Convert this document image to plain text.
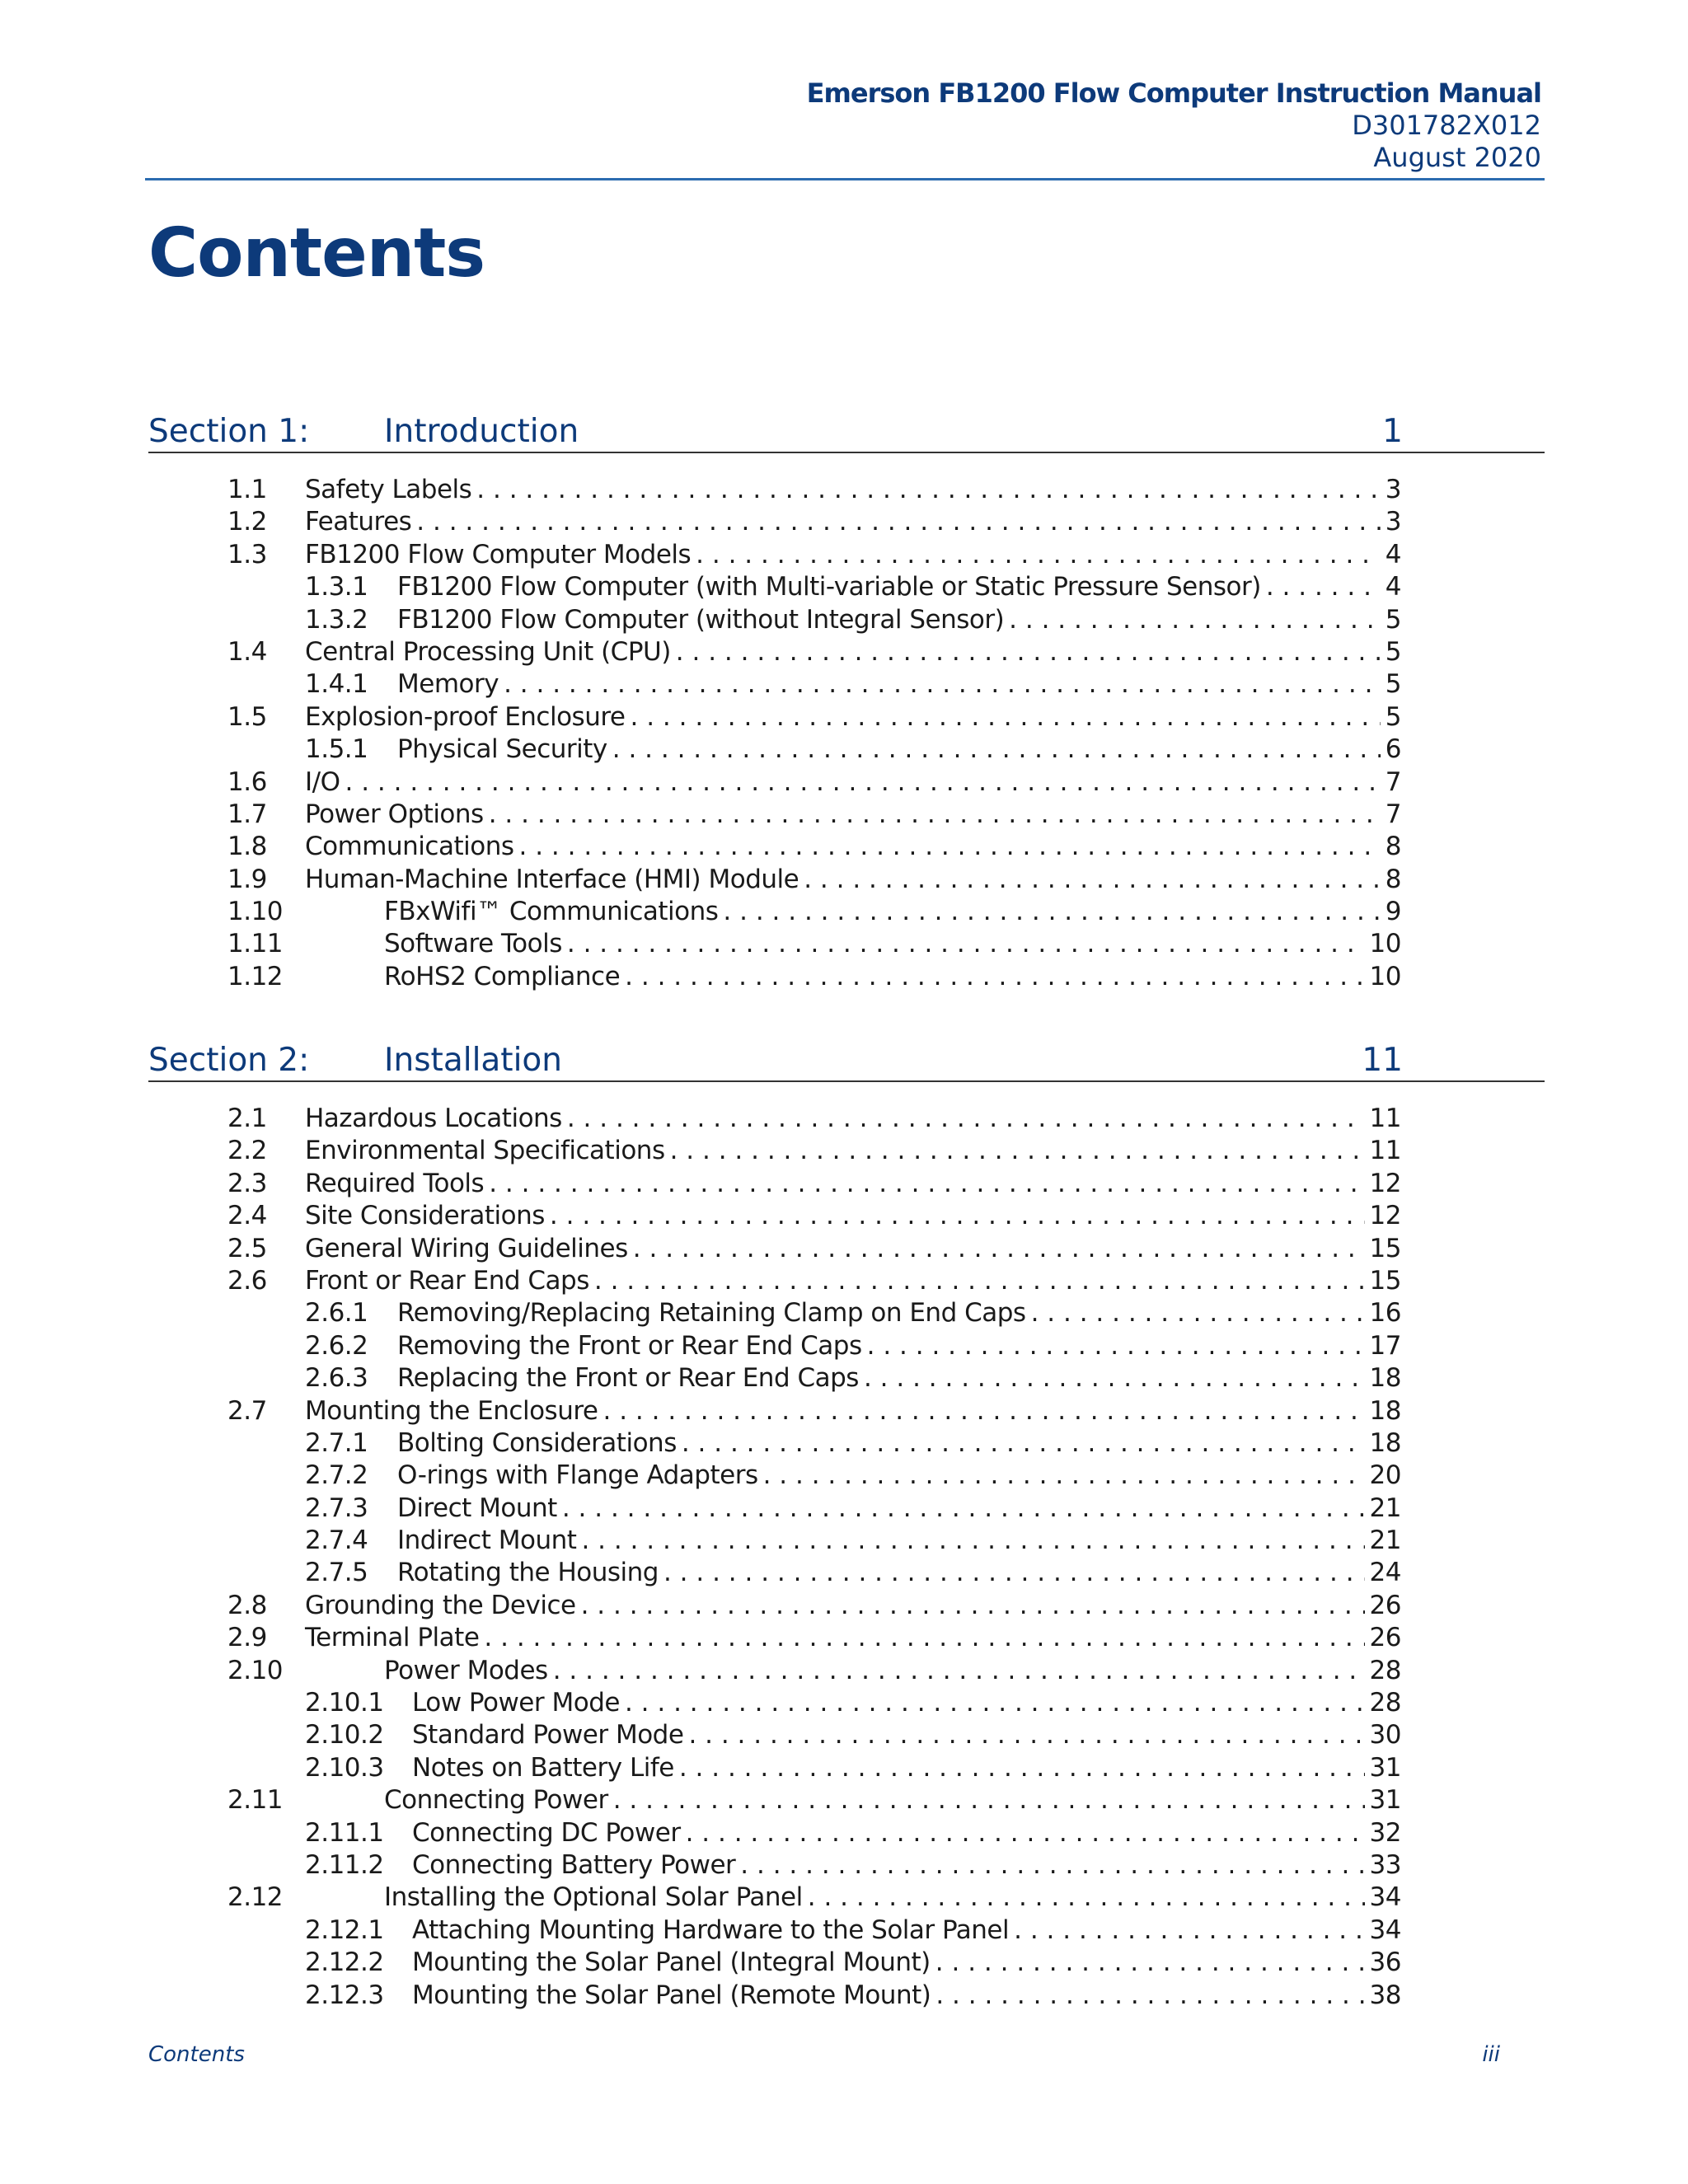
Emerson FB1200 Flow Computer Instruction Manual
D301782X012
August 2020
Contents
Section 1: Introduction	1
1.1 Safety Labels . . .	3
1.2 Features . . .	3
1.3 FB1200 Flow Computer Models . . .	4
1.3.1 FB1200 Flow Computer (with Multi-variable or Static Pressure Sensor) . . .	4
1.3.2 FB1200 Flow Computer (without Integral Sensor) . . .	5
1.4 Central Processing Unit (CPU) . . .	5
1.4.1 Memory . . .	5
1.5 Explosion-proof Enclosure . . .	5
1.5.1 Physical Security . . .	6
1.6 I/O . . .	7
1.7 Power Options . . .	7
1.8 Communications . . .	8
1.9 Human-Machine Interface (HMI) Module . . .	8
1.10	FBxWifi™ Communications . . .	9
1.11	Software Tools . . .	10
1.12	RoHS2 Compliance . . .	10
Section 2: Installation	11
2.1 Hazardous Locations . . .	11
2.2 Environmental Specifications . . .	11
2.3 Required Tools . . .	12
2.4 Site Considerations . . .	12
2.5 General Wiring Guidelines . . .	15
2.6 Front or Rear End Caps . . .	15
2.6.1 Removing/Replacing Retaining Clamp on End Caps . . .	16
2.6.2 Removing the Front or Rear End Caps . . .	17
2.6.3 Replacing the Front or Rear End Caps . . .	18
2.7 Mounting the Enclosure . . .	18
2.7.1 Bolting Considerations . . .	18
2.7.2 O-rings with Flange Adapters . . .	20
2.7.3 Direct Mount . . .	21
2.7.4 Indirect Mount . . .	21
2.7.5 Rotating the Housing . . .	24
2.8 Grounding the Device . . .	26
2.9 Terminal Plate . . .	26
2.10	Power Modes . . .	28
2.10.1 Low Power Mode . . .	28
2.10.2 Standard Power Mode . . .	30
2.10.3 Notes on Battery Life . . .	31
2.11	Connecting Power . . .	31
2.11.1 Connecting DC Power . . .	32
2.11.2 Connecting Battery Power . . .	33
2.12	Installing the Optional Solar Panel . . .	34
2.12.1 Attaching Mounting Hardware to the Solar Panel . . .	34
2.12.2 Mounting the Solar Panel (Integral Mount) . . .	36
2.12.3 Mounting the Solar Panel (Remote Mount) . . .	38
Contents	iii
